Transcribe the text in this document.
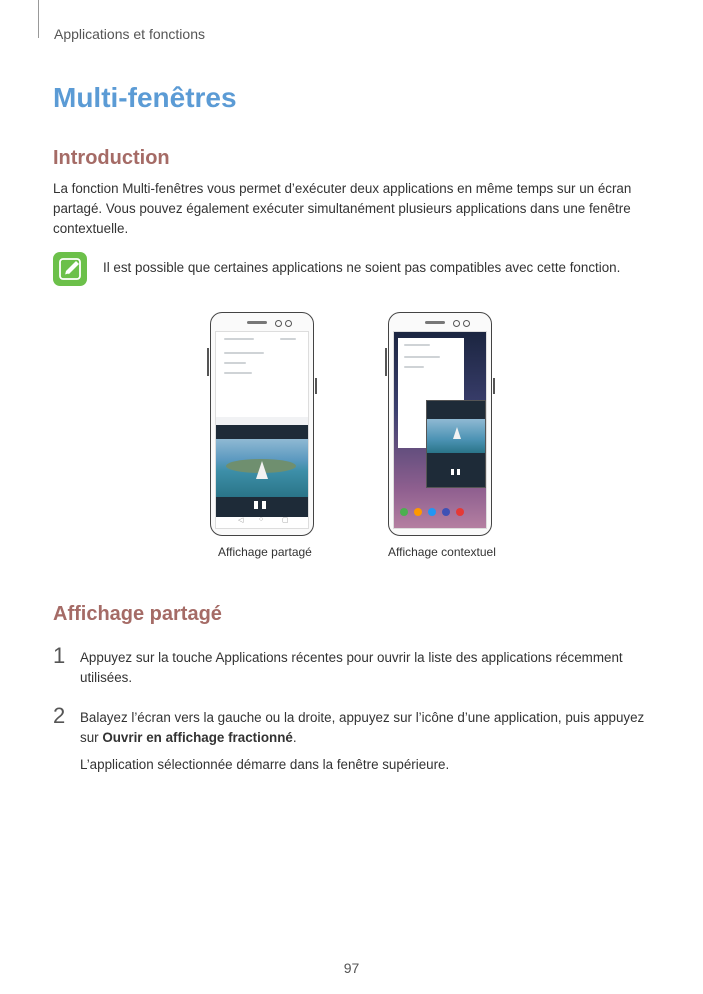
Applications et fonctions
Multi-fenêtres
Introduction

La fonction Multi-fenêtres vous permet d’exécuter deux applications en même temps sur un écran partagé. Vous pouvez également exécuter simultanément plusieurs applications dans une fenêtre contextuelle.

Il est possible que certaines applications ne soient pas compatibles avec cette fonction.
◁ ○	▢
Affichage partagé	Affichage contextuel
Affichage partagé
1 Appuyez sur la touche Applications récentes pour ouvrir la liste des applications récemment utilisées.

2 Balayez l’écran vers la gauche ou la droite, appuyez sur l’icône d’une application, puis appuyez sur Ouvrir en affichage fractionné.

L’application sélectionnée démarre dans la fenêtre supérieure.

97
